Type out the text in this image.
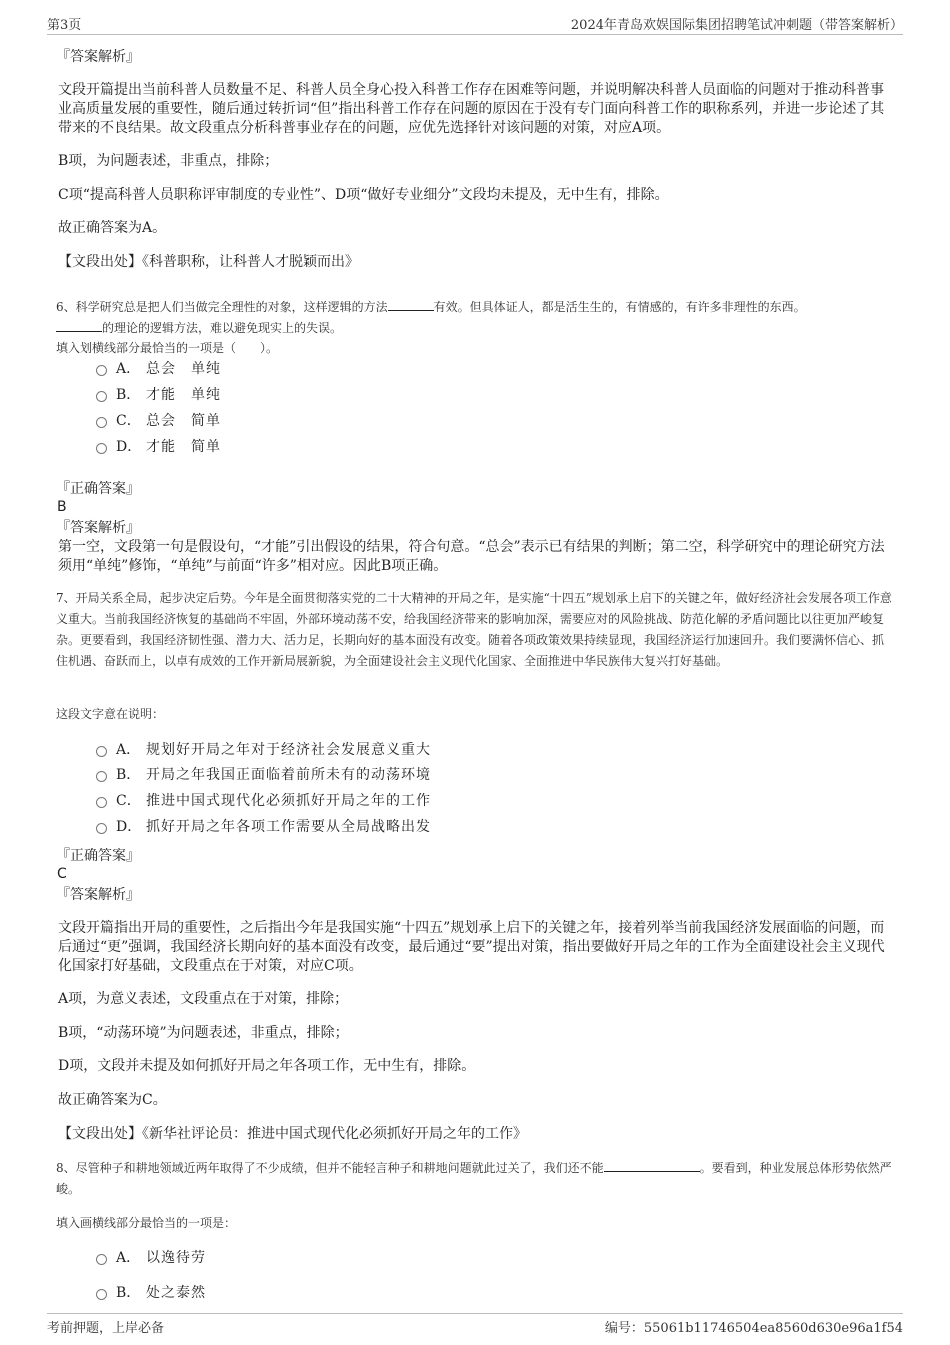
第3页	2024年青岛欢娱国际集团招聘笔试冲刺题（带答案解析）
『答案解析』
文段开篇提出当前科普人员数量不足、科普人员全身心投入科普工作存在困难等问题，并说明解决科普人员面临的问题对于推动科普事业高质量发展的重要性，随后通过转折词“但”指出科普工作存在问题的原因在于没有专门面向科普工作的职称系列，并进一步论述了其带来的不良结果。故文段重点分析科普事业存在的问题，应优先选择针对该问题的对策，对应A项。
B项，为问题表述，非重点，排除；
C项“提高科普人员职称评审制度的专业性”、D项“做好专业细分”文段均未提及，无中生有，排除。
故正确答案为A。
【文段出处】《科普职称，让科普人才脱颖而出》
6、科学研究总是把人们当做完全理性的对象，这样逻辑的方法	有效。但具体证人，都是活生生的，有情感的，有许多非理性的东西。
的理论的逻辑方法，难以避免现实上的失误。
填入划横线部分最恰当的一项是（　　）。
A． 总会　单纯
B． 才能　单纯
C． 总会　简单
D． 才能　简单
『正确答案』
B
『答案解析』
第一空，文段第一句是假设句，“才能”引出假设的结果，符合句意。“总会”表示已有结果的判断；第二空，科学研究中的理论研究方法须用“单纯”修饰，“单纯”与前面“许多”相对应。因此B项正确。
7、开局关系全局，起步决定后势。今年是全面贯彻落实党的二十大精神的开局之年，是实施“十四五”规划承上启下的关键之年，做好经济社会发展各项工作意义重大。当前我国经济恢复的基础尚不牢固，外部环境动荡不安，给我国经济带来的影响加深，需要应对的风险挑战、防范化解的矛盾问题比以往更加严峻复杂。更要看到，我国经济韧性强、潜力大、活力足，长期向好的基本面没有改变。随着各项政策效果持续显现，我国经济运行加速回升。我们要满怀信心、抓住机遇、奋跃而上，以卓有成效的工作开新局展新貌，为全面建设社会主义现代化国家、全面推进中华民族伟大复兴打好基础。
这段文字意在说明：
A． 规划好开局之年对于经济社会发展意义重大
B． 开局之年我国正面临着前所未有的动荡环境
C． 推进中国式现代化必须抓好开局之年的工作
D． 抓好开局之年各项工作需要从全局战略出发
『正确答案』
C
『答案解析』
文段开篇指出开局的重要性，之后指出今年是我国实施“十四五”规划承上启下的关键之年，接着列举当前我国经济发展面临的问题，而后通过“更”强调，我国经济长期向好的基本面没有改变，最后通过“要”提出对策，指出要做好开局之年的工作为全面建设社会主义现代化国家打好基础，文段重点在于对策，对应C项。
A项，为意义表述，文段重点在于对策，排除；
B项，“动荡环境”为问题表述，非重点，排除；
D项，文段并未提及如何抓好开局之年各项工作，无中生有，排除。
故正确答案为C。
【文段出处】《新华社评论员：推进中国式现代化必须抓好开局之年的工作》
8、尽管种子和耕地领域近两年取得了不少成绩，但并不能轻言种子和耕地问题就此过关了，我们还不能	。要看到，种业发展总体形势依然严峻。
填入画横线部分最恰当的一项是：
A． 以逸待劳
B． 处之泰然
考前押题，上岸必备	编号：55061b11746504ea8560d630e96a1f54
